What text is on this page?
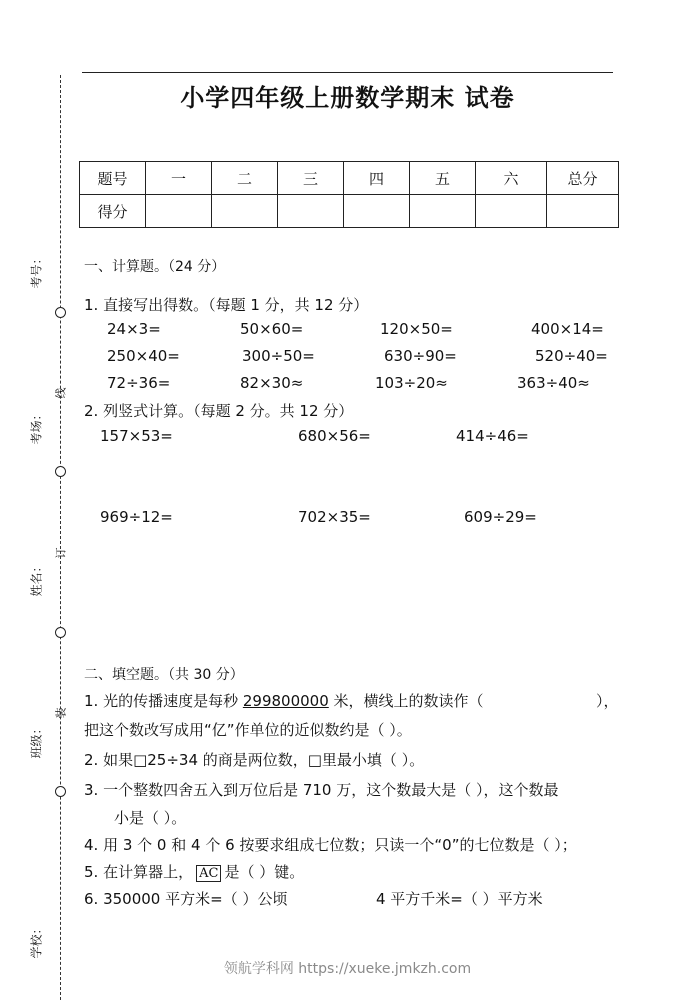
考号：
考场：
姓名：
班级：
学校：
线
订
装
小学四年级上册数学期末 试卷
题号	一	二	三	四	五	六	总分
得分							
一、计算题。（24 分）
1. 直接写出得数。（每题 1 分，共 12 分）
24×3=	50×60=	120×50=	400×14=
250×40=	300÷50=	630÷90=	520÷40=
72÷36=	82×30≈	103÷20≈	363÷40≈
2. 列竖式计算。（每题 2 分。共 12 分）
157×53=	680×56=	414÷46=
969÷12=	702×35=	609÷29=
二、填空题。（共 30 分）
1. 光的传播速度是每秒 299800000 米，横线上的数读作（	），
把这个数改写成用“亿”作单位的近似数约是（ ）。
2. 如果□25÷34 的商是两位数，□里最小填（ ）。
3. 一个整数四舍五入到万位后是 710 万，这个数最大是（ ），这个数最
小是（ ）。
4. 用 3 个 0 和 4 个 6 按要求组成七位数；只读一个“0”的七位数是（ ）；
5. 在计算器上， AC 是（ ）键。
6. 350000 平方米=（ ）公顷	4 平方千米=（ ）平方米
领航学科网 https://xueke.jmkzh.com
